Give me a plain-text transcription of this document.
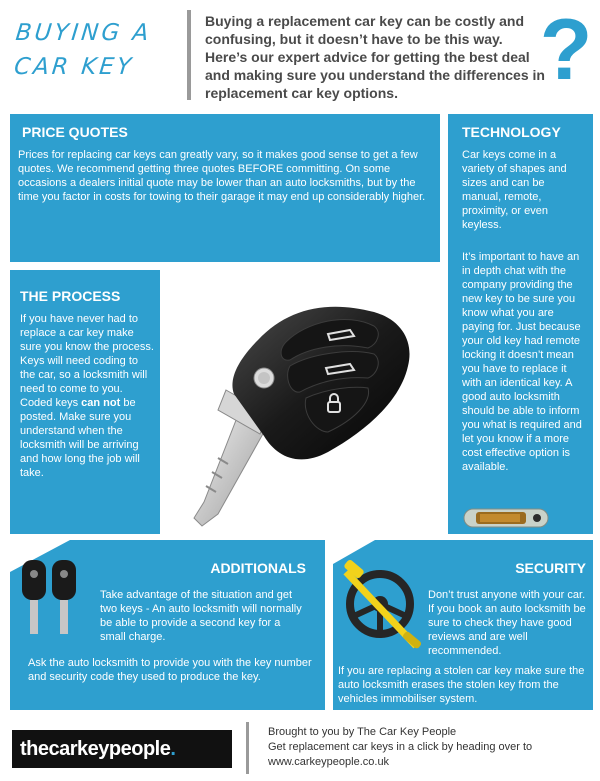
BUYING A
CAR KEY
Buying a replacement car key can be costly and confusing, but it doesn’t have to be this way. Here’s our expert advice for getting the best deal and making sure you understand the differences in replacement car key options.	?
PRICE QUOTES
Prices for replacing car keys can greatly vary, so it makes good sense to get a few quotes. We recommend getting three quotes BEFORE committing. On some occasions a dealers initial quote may be lower than an auto locksmiths, but by the time you factor in costs for towing to their garage it may end up considerably higher.
TECHNOLOGY
Car keys come in a variety of shapes and sizes and can be manual, remote, proximity, or even keyless.
It’s important to have an in depth chat with the company providing the new key to be sure you know what you are paying for. Just because your old key had remote locking it doesn’t mean you have to replace it with an identical key. A good auto locksmith should be able to inform you what is required and let you know if a more cost effective option is available.
THE PROCESS
If you have never had to replace a car key make sure you know the process. Keys will need coding to the car, so a locksmith will need to come to you. Coded keys can not be posted. Make sure you understand when the locksmith will be arriving and how long the job will take.
ADDITIONALS
Take advantage of the situation and get two keys - An auto locksmith will normally be able to provide a second key for a small charge.
Ask the auto locksmith to provide you with the key number and security code they used to produce the key.
SECURITY
Don’t trust anyone with your car. If you book an auto locksmith be sure to check they have good reviews and are well recommended.
If you are replacing a stolen car key make sure the auto locksmith erases the stolen key from the vehicles immobiliser system.
thecarkeypeople.
Brought to you by The Car Key People
Get replacement car keys in a click by heading over to
www.carkeypeople.co.uk
